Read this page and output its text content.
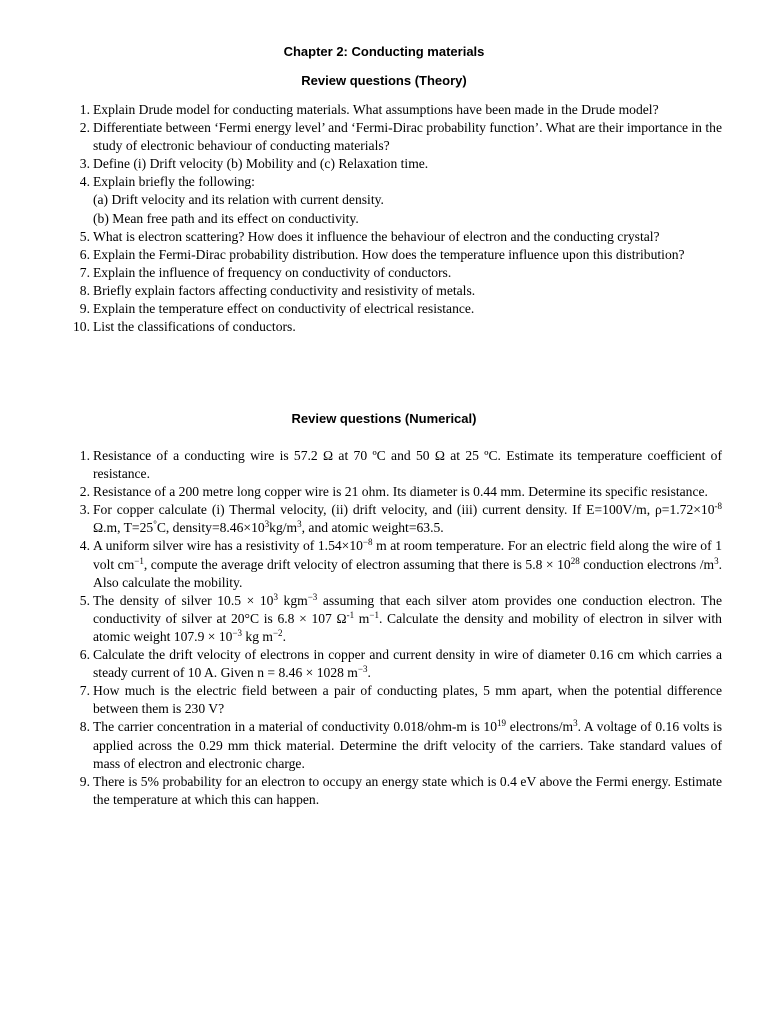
Chapter 2: Conducting materials
Review questions (Theory)
1. Explain Drude model for conducting materials. What assumptions have been made in the Drude model?
2. Differentiate between ‘Fermi energy level’ and ‘Fermi-Dirac probability function’. What are their importance in the study of electronic behaviour of conducting materials?
3. Define (i) Drift velocity (b) Mobility and (c) Relaxation time.
4. Explain briefly the following:
(a) Drift velocity and its relation with current density.
(b) Mean free path and its effect on conductivity.
5. What is electron scattering? How does it influence the behaviour of electron and the conducting crystal?
6. Explain the Fermi-Dirac probability distribution. How does the temperature influence upon this distribution?
7. Explain the influence of frequency on conductivity of conductors.
8. Briefly explain factors affecting conductivity and resistivity of metals.
9. Explain the temperature effect on conductivity of electrical resistance.
10. List the classifications of conductors.
Review questions (Numerical)
1. Resistance of a conducting wire is 57.2 Ω at 70 ºC and 50 Ω at 25 ºC. Estimate its temperature coefficient of resistance.
2. Resistance of a 200 metre long copper wire is 21 ohm. Its diameter is 0.44 mm. Determine its specific resistance.
3. For copper calculate (i) Thermal velocity, (ii) drift velocity, and (iii) current density. If E=100V/m, $\rho=1.72\times 10^{-8}$ Ω.m, T=25°C, $density=8.46\times 10^3kg/m^3$, and atomic weight=63.5.
4. A uniform silver wire has a resistivity of $1.54\times 10^{-8}$ m at room temperature. For an electric field along the wire of 1 volt $cm^{-1}$, compute the average drift velocity of electron assuming that there is $5.8 \times 10^{28}$ conduction electrons $/m^3$. Also calculate the mobility.
5. The density of silver $10.5 \times 10^3$ kgm$^{-3}$ assuming that each silver atom provides one conduction electron. The conductivity of silver at 20°C is 6.8 × 107 $\Omega^{-1}$ $m^{-1}$. Calculate the density and mobility of electron in silver with atomic weight $107.9 \times 10^{-3}$ kg $m^{-2}$.
6. Calculate the drift velocity of electrons in copper and current density in wire of diameter 0.16 cm which carries a steady current of 10 A. Given n = 8.46 × 1028 $m^{-3}$.
7. How much is the electric field between a pair of conducting plates, 5 mm apart, when the potential difference between them is 230 V?
8. The carrier concentration in a material of conductivity 0.018/ohm-m is $10^{19}$ electrons/$m^3$. A voltage of 0.16 volts is applied across the 0.29 mm thick material. Determine the drift velocity of the carriers. Take standard values of mass of electron and electronic charge.
9. There is 5% probability for an electron to occupy an energy state which is 0.4 eV above the Fermi energy. Estimate the temperature at which this can happen.
